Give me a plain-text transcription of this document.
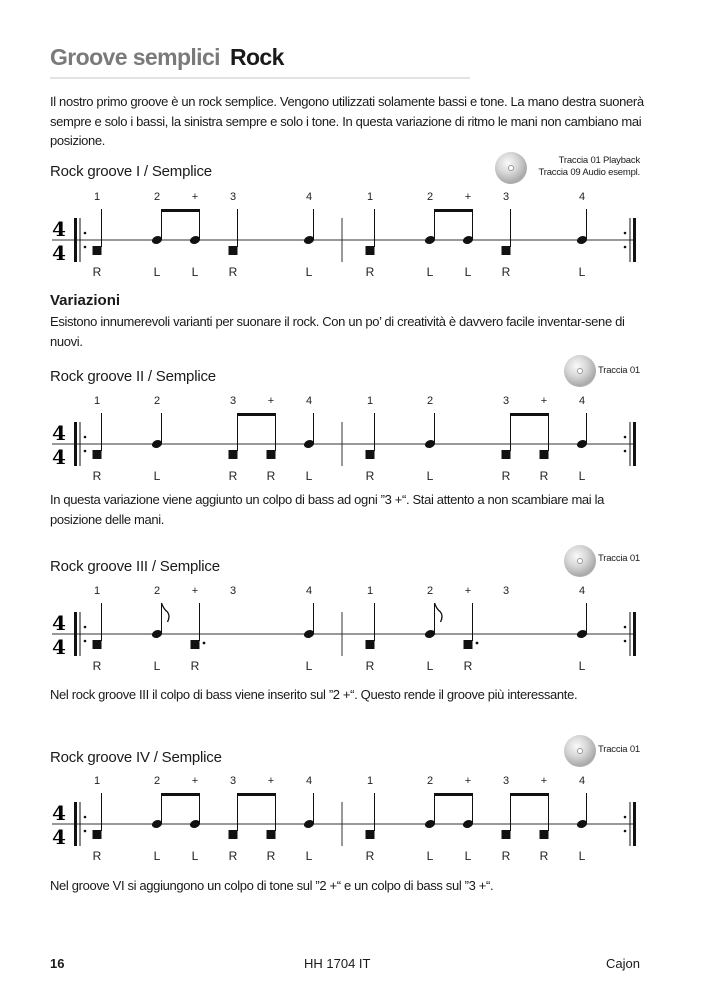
Groove semplici Rock
Il nostro primo groove è un rock semplice. Vengono utilizzati solamente bassi e tone. La mano destra suonerà sempre e solo i bassi, la sinistra sempre e solo i tone. In questa variazione di ritmo le mani non cambiano mai posizione.
Rock groove I / Semplice
Traccia 01 Playback
Traccia 09 Audio esempl.
4
4
1
R
2
L
+
L
3
R
4
L
1
R
2
L
+
L
3
R
4
L
Variazioni
Esistono innumerevoli varianti per suonare il rock. Con un po’ di creatività è davvero facile inventar-sene di nuovi.
Rock groove II / Semplice	Traccia 01
4
4
1
R
2
L
3
R
+
R
4
L
1
R
2
L
3
R
+
R
4
L
In questa variazione viene aggiunto un colpo di bass ad ogni ”3 +“. Stai attento a non scambiare mai la posizione delle mani.
Rock groove III / Semplice	Traccia 01
4
4
1
R
2
L
+
R
3	4
L
1
R
2
L
+
R
3	4
L
Nel rock groove III il colpo di bass viene inserito sul ”2 +“. Questo rende il groove più interessante.
Rock groove IV / Semplice	Traccia 01
4
4
1
R
2
L
+
L
3
R
+
R
4
L
1
R
2
L
+
L
3
R
+
R
4
L
Nel groove VI si aggiungono un colpo di tone sul ”2 +“ e un colpo di bass sul ”3 +“.
16	HH 1704 IT	Cajon
